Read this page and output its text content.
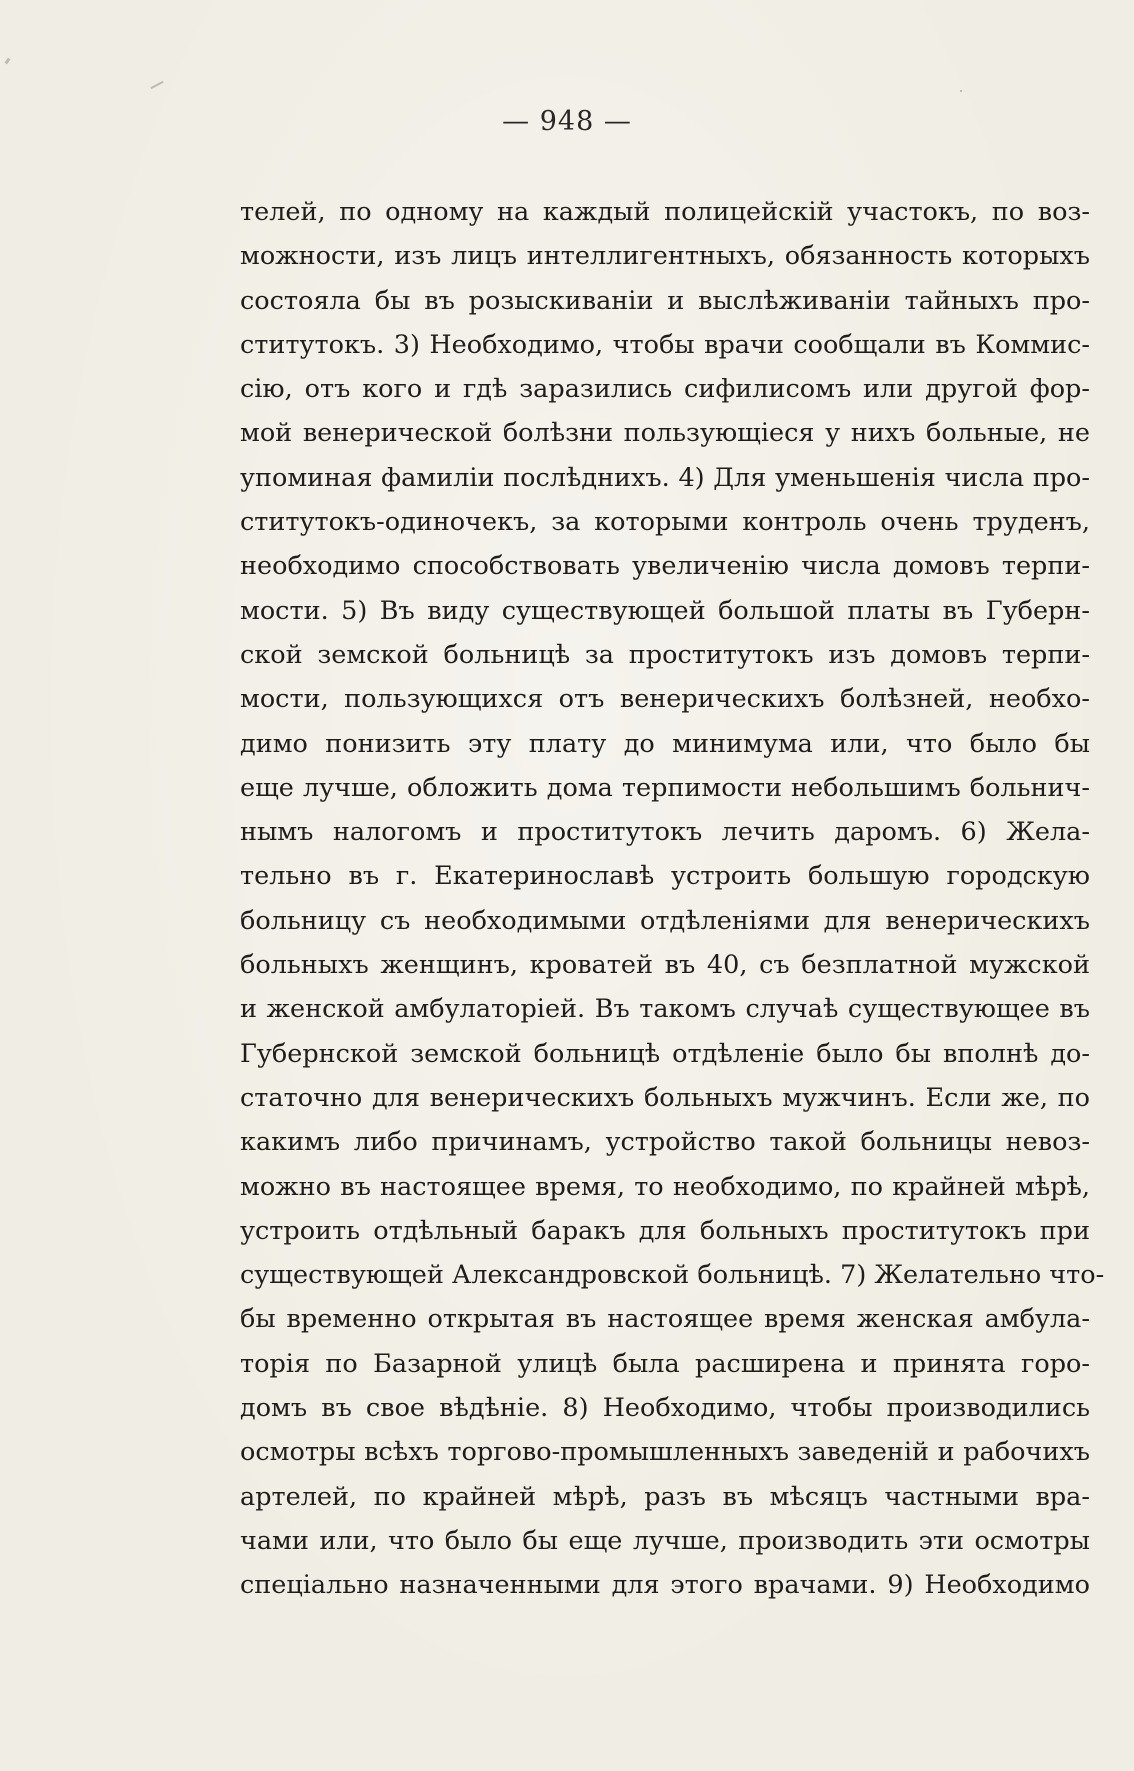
— 948 —
телей, по одному на каждый полицейскій участокъ, по воз-
можности, изъ лицъ интеллигентныхъ, обязанность которыхъ
состояла бы въ розыскиваніи и выслѣживаніи тайныхъ про-
ститутокъ. 3) Необходимо, чтобы врачи сообщали въ Коммис-
сію, отъ кого и гдѣ заразились сифилисомъ или другой фор-
мой венерической болѣзни пользующіеся у нихъ больные, не
упоминая фамиліи послѣднихъ. 4) Для уменьшенія числа про-
ститутокъ-одиночекъ, за которыми контроль очень труденъ,
необходимо способствовать увеличенію числа домовъ терпи-
мости. 5) Въ виду существующей большой платы въ Губерн-
ской земской больницѣ за проститутокъ изъ домовъ терпи-
мости, пользующихся отъ венерическихъ болѣзней, необхо-
димо понизить эту плату до минимума или, что было бы
еще лучше, обложить дома терпимости небольшимъ больнич-
нымъ налогомъ и проститутокъ лечить даромъ. 6) Жела-
тельно въ г. Екатеринославѣ устроить большую городскую
больницу съ необходимыми отдѣленіями для венерическихъ
больныхъ женщинъ, кроватей въ 40, съ безплатной мужской
и женской амбулаторіей. Въ такомъ случаѣ существующее въ
Губернской земской больницѣ отдѣленіе было бы вполнѣ до-
статочно для венерическихъ больныхъ мужчинъ. Если же, по
какимъ либо причинамъ, устройство такой больницы невоз-
можно въ настоящее время, то необходимо, по крайней мѣрѣ,
устроить отдѣльный баракъ для больныхъ проститутокъ при
существующей Александровской больницѣ. 7) Желательно что-
бы временно открытая въ настоящее время женская амбула-
торія по Базарной улицѣ была расширена и принята горо-
домъ въ свое вѣдѣніе. 8) Необходимо, чтобы производились
осмотры всѣхъ торгово-промышленныхъ заведеній и рабочихъ
артелей, по крайней мѣрѣ, разъ въ мѣсяцъ частными вра-
чами или, что было бы еще лучше, производить эти осмотры
спеціально назначенными для этого врачами. 9) Необходимо
